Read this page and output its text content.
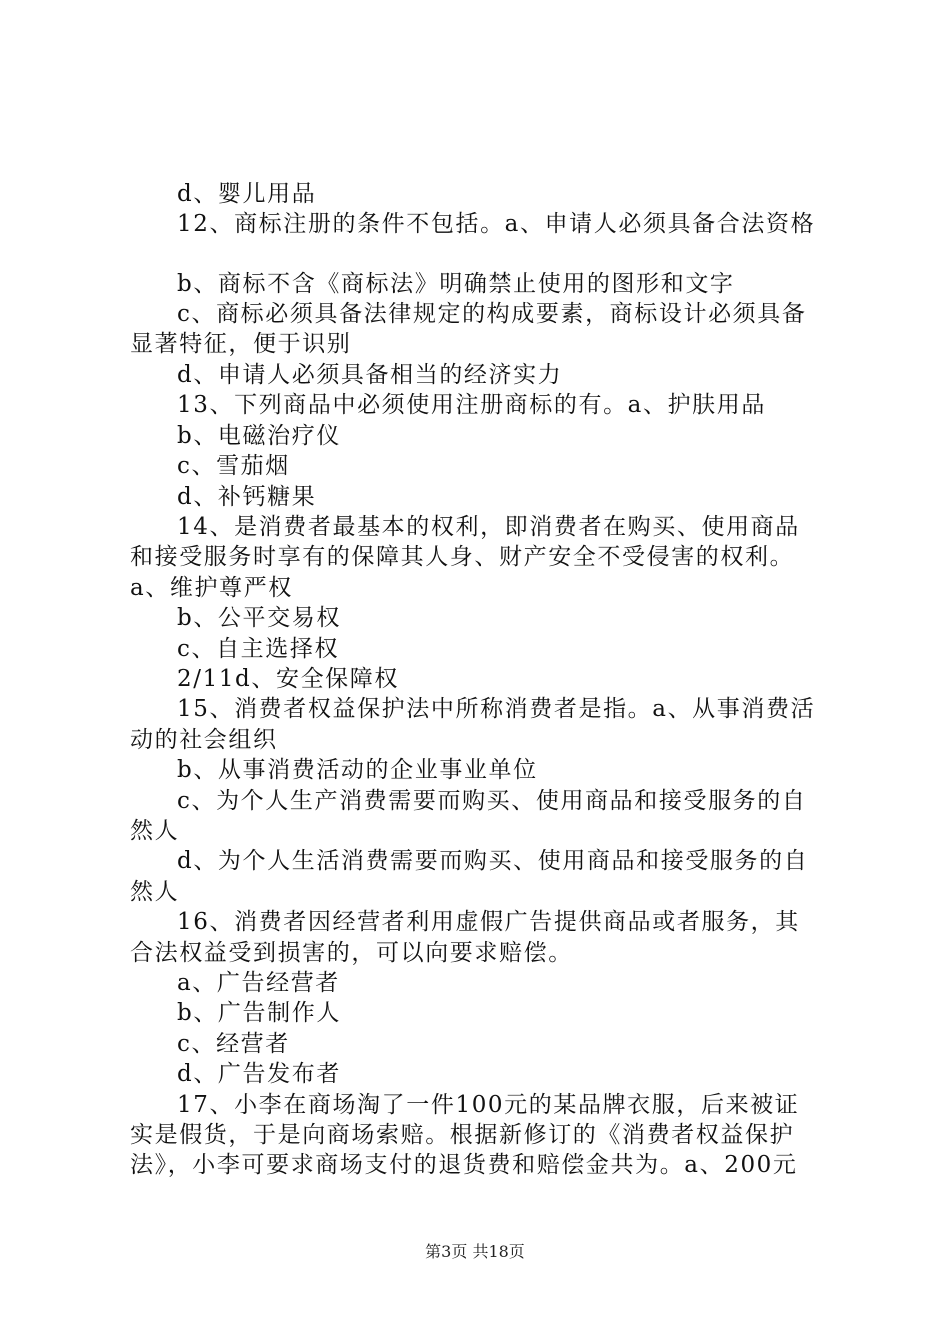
d、婴儿用品
12、商标注册的条件不包括。a、申请人必须具备合法资格
b、商标不含《商标法》明确禁止使用的图形和文字
c、商标必须具备法律规定的构成要素，商标设计必须具备
显著特征，便于识别
d、申请人必须具备相当的经济实力
13、下列商品中必须使用注册商标的有。a、护肤用品
b、电磁治疗仪
c、雪茄烟
d、补钙糖果
14、是消费者最基本的权利，即消费者在购买、使用商品
和接受服务时享有的保障其人身、财产安全不受侵害的权利。
a、维护尊严权
b、公平交易权
c、自主选择权
2/11d、安全保障权
15、消费者权益保护法中所称消费者是指。a、从事消费活
动的社会组织
b、从事消费活动的企业事业单位
c、为个人生产消费需要而购买、使用商品和接受服务的自
然人
d、为个人生活消费需要而购买、使用商品和接受服务的自
然人
16、消费者因经营者利用虚假广告提供商品或者服务，其
合法权益受到损害的，可以向要求赔偿。
a、广告经营者
b、广告制作人
c、经营者
d、广告发布者
17、小李在商场淘了一件100元的某品牌衣服，后来被证
实是假货，于是向商场索赔。根据新修订的《消费者权益保护
法》，小李可要求商场支付的退货费和赔偿金共为。a、200元
第3页 共18页
